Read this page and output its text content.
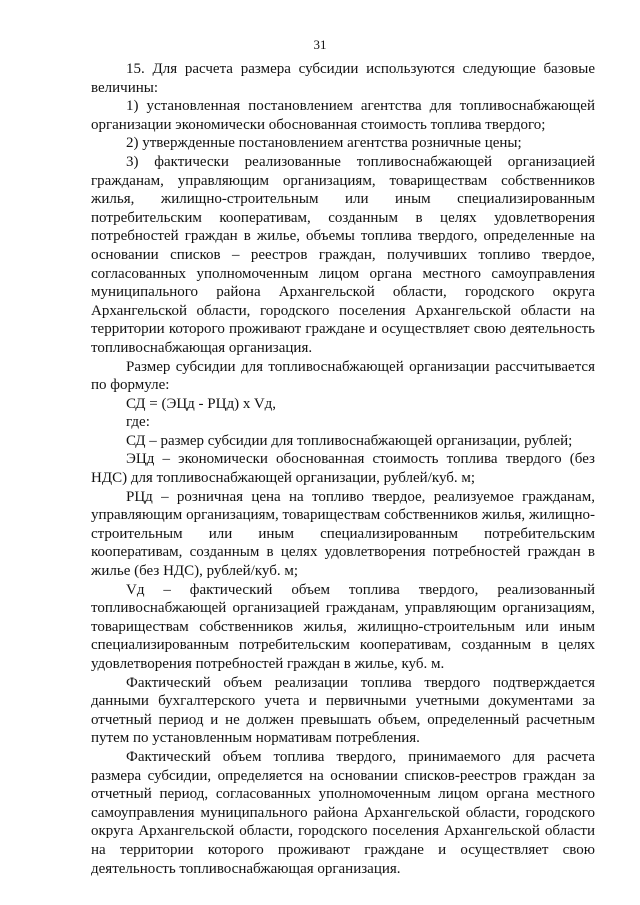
31

15. Для расчета размера субсидии используются следующие базовые величины:

1) установленная постановлением агентства для топливоснабжающей организации экономически обоснованная стоимость топлива твердого;

2) утвержденные постановлением агентства розничные цены;

3) фактически реализованные топливоснабжающей организацией гражданам, управляющим организациям, товариществам собственников жилья, жилищно-строительным или иным специализированным потребительским кооперативам, созданным в целях удовлетворения потребностей граждан в жилье, объемы топлива твердого, определенные на основании списков – реестров граждан, получивших топливо твердое, согласованных уполномоченным лицом органа местного самоуправления муниципального района Архангельской области, городского округа Архангельской области, городского поселения Архангельской области на территории которого проживают граждане и осуществляет свою деятельность топливоснабжающая организация.

Размер субсидии для топливоснабжающей организации рассчитывается по формуле:

СД = (ЭЦд - РЦд) x Vд,

где:

СД – размер субсидии для топливоснабжающей организации, рублей;

ЭЦд – экономически обоснованная стоимость топлива твердого (без НДС) для топливоснабжающей организации, рублей/куб. м;

РЦд – розничная цена на топливо твердое, реализуемое гражданам, управляющим организациям, товариществам собственников жилья, жилищно-строительным или иным специализированным потребительским кооперативам, созданным в целях удовлетворения потребностей граждан в жилье (без НДС), рублей/куб. м;

Vд – фактический объем топлива твердого, реализованный топливоснабжающей организацией гражданам, управляющим организациям, товариществам собственников жилья, жилищно-строительным или иным специализированным потребительским кооперативам, созданным в целях удовлетворения потребностей граждан в жилье, куб. м.

Фактический объем реализации топлива твердого подтверждается данными бухгалтерского учета и первичными учетными документами за отчетный период и не должен превышать объем, определенный расчетным путем по установленным нормативам потребления.

Фактический объем топлива твердого, принимаемого для расчета размера субсидии, определяется на основании списков-реестров граждан за отчетный период, согласованных уполномоченным лицом органа местного самоуправления муниципального района Архангельской области, городского округа Архангельской области, городского поселения Архангельской области на территории которого проживают граждане и осуществляет свою деятельность топливоснабжающая организация.
